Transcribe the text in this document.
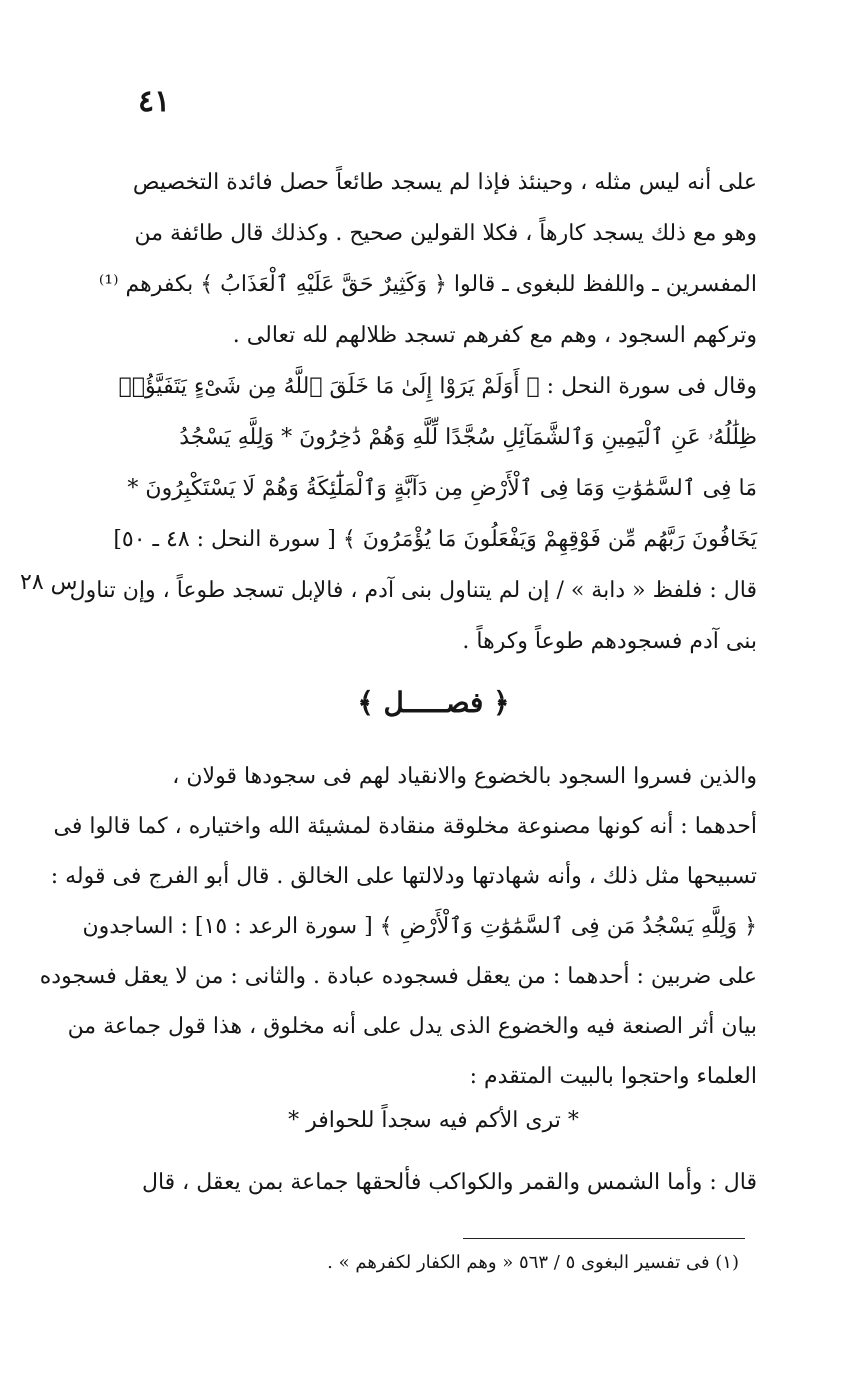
٤١
س ٢٨
على أنه ليس مثله ، وحينئذ فإذا لم يسجد طائعاً حصل فائدة التخصيص
وهو مع ذلك يسجد كارهاً ، فكلا القولين صحيح . وكذلك قال طائفة من
المفسرين ـ واللفظ للبغوى ـ قالوا ﴿ وَكَثِيرٌ حَقَّ عَلَيْهِ ٱلْعَذَابُ ﴾ بكفرهم ⁽¹⁾
وتركهم السجود ، وهم مع كفرهم تسجد ظلالهم لله تعالى .
وقال فى سورة النحل : ﴿ أَوَلَمْ يَرَوْا إِلَىٰ مَا خَلَقَ ٱللَّهُ مِن شَىْءٍ يَتَفَيَّؤُا۟
ظِلَٰلُهُۥ عَنِ ٱلْيَمِينِ وَٱلشَّمَآئِلِ سُجَّدًا لِّلَّهِ وَهُمْ دَٰخِرُونَ * وَلِلَّهِ يَسْجُدُ
مَا فِى ٱلسَّمَٰوَٰتِ وَمَا فِى ٱلْأَرْضِ مِن دَآبَّةٍ وَٱلْمَلَٰٓئِكَةُ وَهُمْ لَا يَسْتَكْبِرُونَ *
يَخَافُونَ رَبَّهُم مِّن فَوْقِهِمْ وَيَفْعَلُونَ مَا يُؤْمَرُونَ ﴾ [ سورة النحل : ٤٨ ـ ٥٠]
قال : فلفظ « دابة » / إن لم يتناول بنى آدم ، فالإبل تسجد طوعاً ، وإن تناول
بنى آدم فسجودهم طوعاً وكرهاً .
﴿ فصـــــل ﴾
والذين فسروا السجود بالخضوع والانقياد لهم فى سجودها قولان ،
أحدهما : أنه كونها مصنوعة مخلوقة منقادة لمشيئة الله واختياره ، كما قالوا فى
تسبيحها مثل ذلك ، وأنه شهادتها ودلالتها على الخالق . قال أبو الفرج فى قوله :
﴿ وَلِلَّهِ يَسْجُدُ مَن فِى ٱلسَّمَٰوَٰتِ وَٱلْأَرْضِ ﴾ [ سورة الرعد : ١٥] : الساجدون
على ضربين : أحدهما : من يعقل فسجوده عبادة . والثانى : من لا يعقل فسجوده
بيان أثر الصنعة فيه والخضوع الذى يدل على أنه مخلوق ، هذا قول جماعة من
العلماء واحتجوا بالبيت المتقدم :
* ترى الأكم فيه سجداً للحوافر *
قال : وأما الشمس والقمر والكواكب فألحقها جماعة بمن يعقل ، قال
(١) فى تفسير البغوى ٥ / ٥٦٣ « وهم الكفار لكفرهم » .
